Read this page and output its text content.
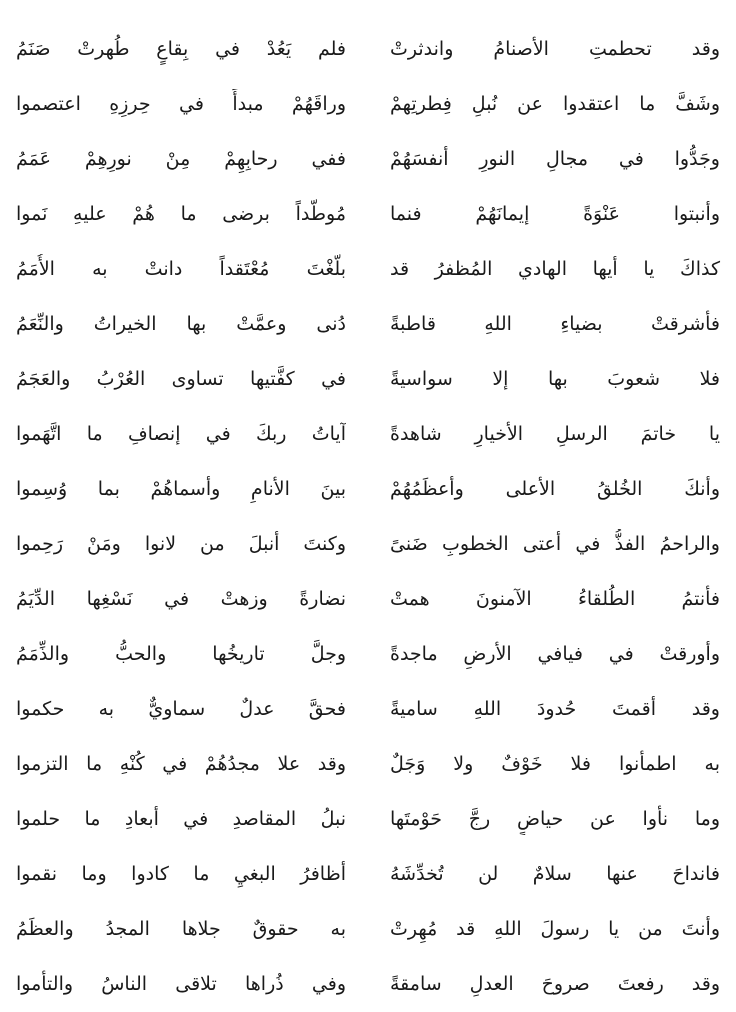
وقد تحطمتِ الأصنامُ واندثرتْ
فلم يَعُدْ في بِقاعٍ طُهرتْ صَنَمُ
وشَفَّ ما اعتقدوا عن نُبلِ فِطرتِهمْ
وراقَهُمْ مبدأً في حِرزِهِ اعتصموا
وجَدُّوا في مجالِ النورِ أنفسَهُمْ
ففي رحابِهِمْ مِنْ نورِهِمْ عَمَمُ
وأنبتوا عَنْوَةً إيمانَهُمْ فنما
مُوطَّداً برضى ما هُمْ عليهِ نَموا
كذاكَ يا أيها الهادي المُظفرُ قد
بلَّغْتَ مُعْتَقداً دانتْ به الأُمَمُ
فأشرقتْ بضياءِ اللهِ قاطبةً
دُنى وعمَّتْ بها الخيراتُ والنِّعَمُ
فلا شعوبَ بها إلا سواسيةً
في كفَّتيها تساوى العُرْبُ والعَجَمُ
يا خاتمَ الرسلِ الأخيارِ شاهدةً
آياتُ ربكَ في إنصافِ ما اتَّهَموا
وأنكَ الخُلقُ الأعلى وأعظَمُهُمْ
بينَ الأنامِ وأسماهُمْ بما وُسِموا
والراحمُ الفذُّ في أعتى الخطوبِ ضَنىً
وكنتَ أنبلَ من لانوا ومَنْ رَحِموا
فأنتمُ الطُلقاءُ الآمنونَ همتْ
نضارةً وزهتْ في نَسْغِها الدِّيَمُ
وأورقتْ في فيافي الأرضِ ماجدةً
وجلَّ تاريخُها والحبُّ والذِّمَمُ
وقد أقمتَ حُدودَ اللهِ ساميةً
فحقَّ عدلٌ سماويٌّ به حكموا
به اطمأنوا فلا خَوْفٌ ولا وَجَلٌ
وقد علا مجدُهُمْ في كُنْهِ ما التزموا
وما نأوا عن حياضٍ رجَّ حَوْمتَها
نبلُ المقاصدِ في أبعادِ ما حلموا
فانداحَ عنها سلامٌ لن تُخدِّشَهُ
أظافرُ البغيِ ما كادوا وما نقموا
وأنتَ من يا رسولَ اللهِ قد مُهِرتْ
به حقوقٌ جلاها المجدُ والعظَمُ
وقد رفعتَ صروحَ العدلِ سامقةً
وفي ذُراها تلاقى الناسُ والتأموا
